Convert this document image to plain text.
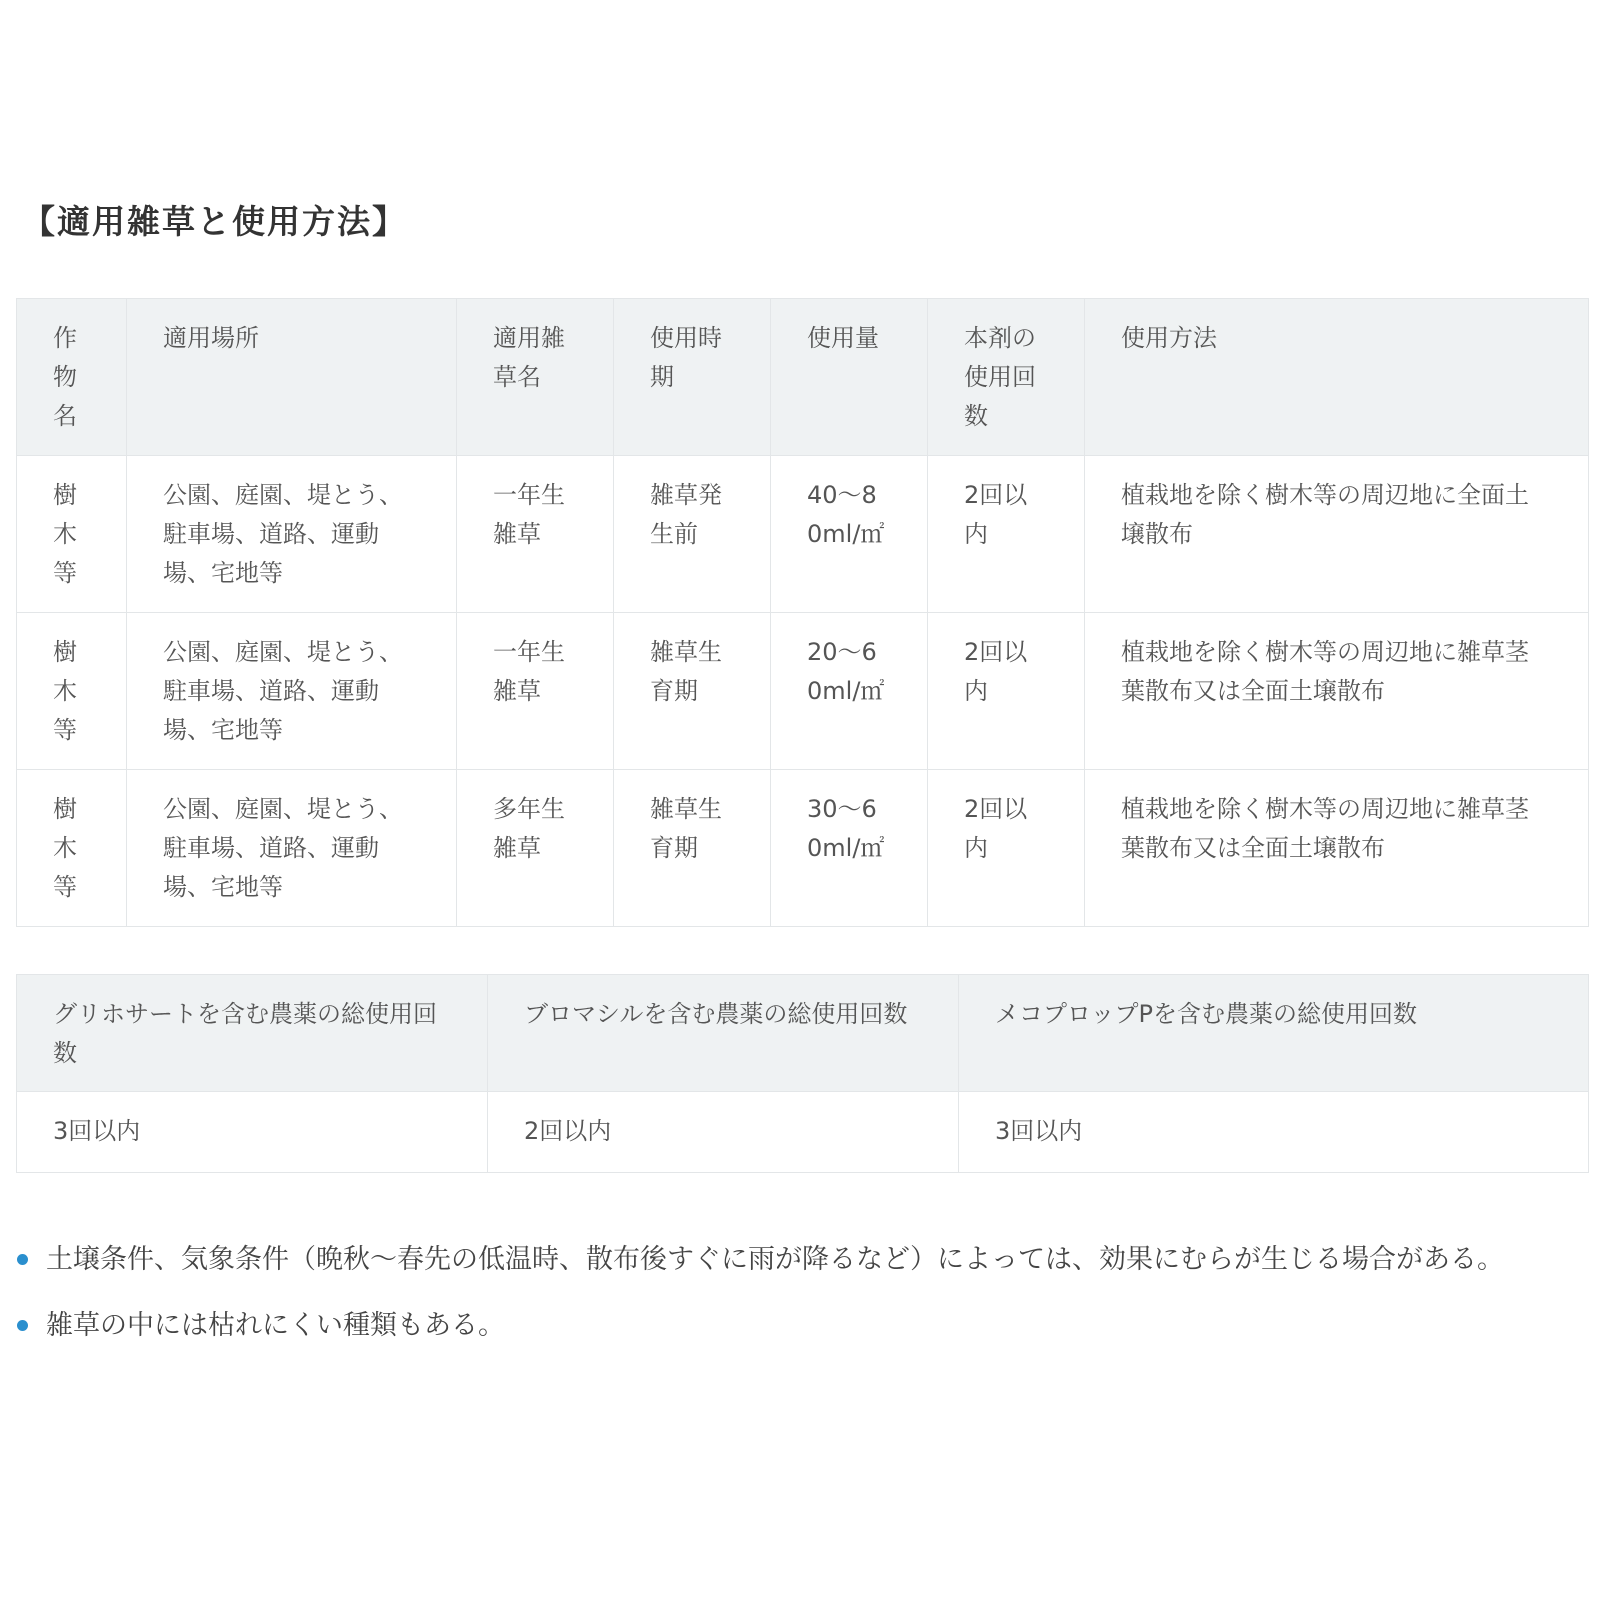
【適用雑草と使用方法】
作物名	適用場所	適用雑草名	使用時期	使用量	本剤の使用回数	使用方法
樹木等	公園、庭園、堤とう、駐車場、道路、運動場、宅地等	一年生雑草	雑草発生前	40～80ml/㎡	2回以内	植栽地を除く樹木等の周辺地に全面土壌散布
樹木等	公園、庭園、堤とう、駐車場、道路、運動場、宅地等	一年生雑草	雑草生育期	20～60ml/㎡	2回以内	植栽地を除く樹木等の周辺地に雑草茎葉散布又は全面土壌散布
樹木等	公園、庭園、堤とう、駐車場、道路、運動場、宅地等	多年生雑草	雑草生育期	30～60ml/㎡	2回以内	植栽地を除く樹木等の周辺地に雑草茎葉散布又は全面土壌散布
グリホサートを含む農薬の総使用回数	ブロマシルを含む農薬の総使用回数	メコプロップPを含む農薬の総使用回数
3回以内	2回以内	3回以内
土壌条件、気象条件（晩秋～春先の低温時、散布後すぐに雨が降るなど）によっては、効果にむらが生じる場合がある。
雑草の中には枯れにくい種類もある。
